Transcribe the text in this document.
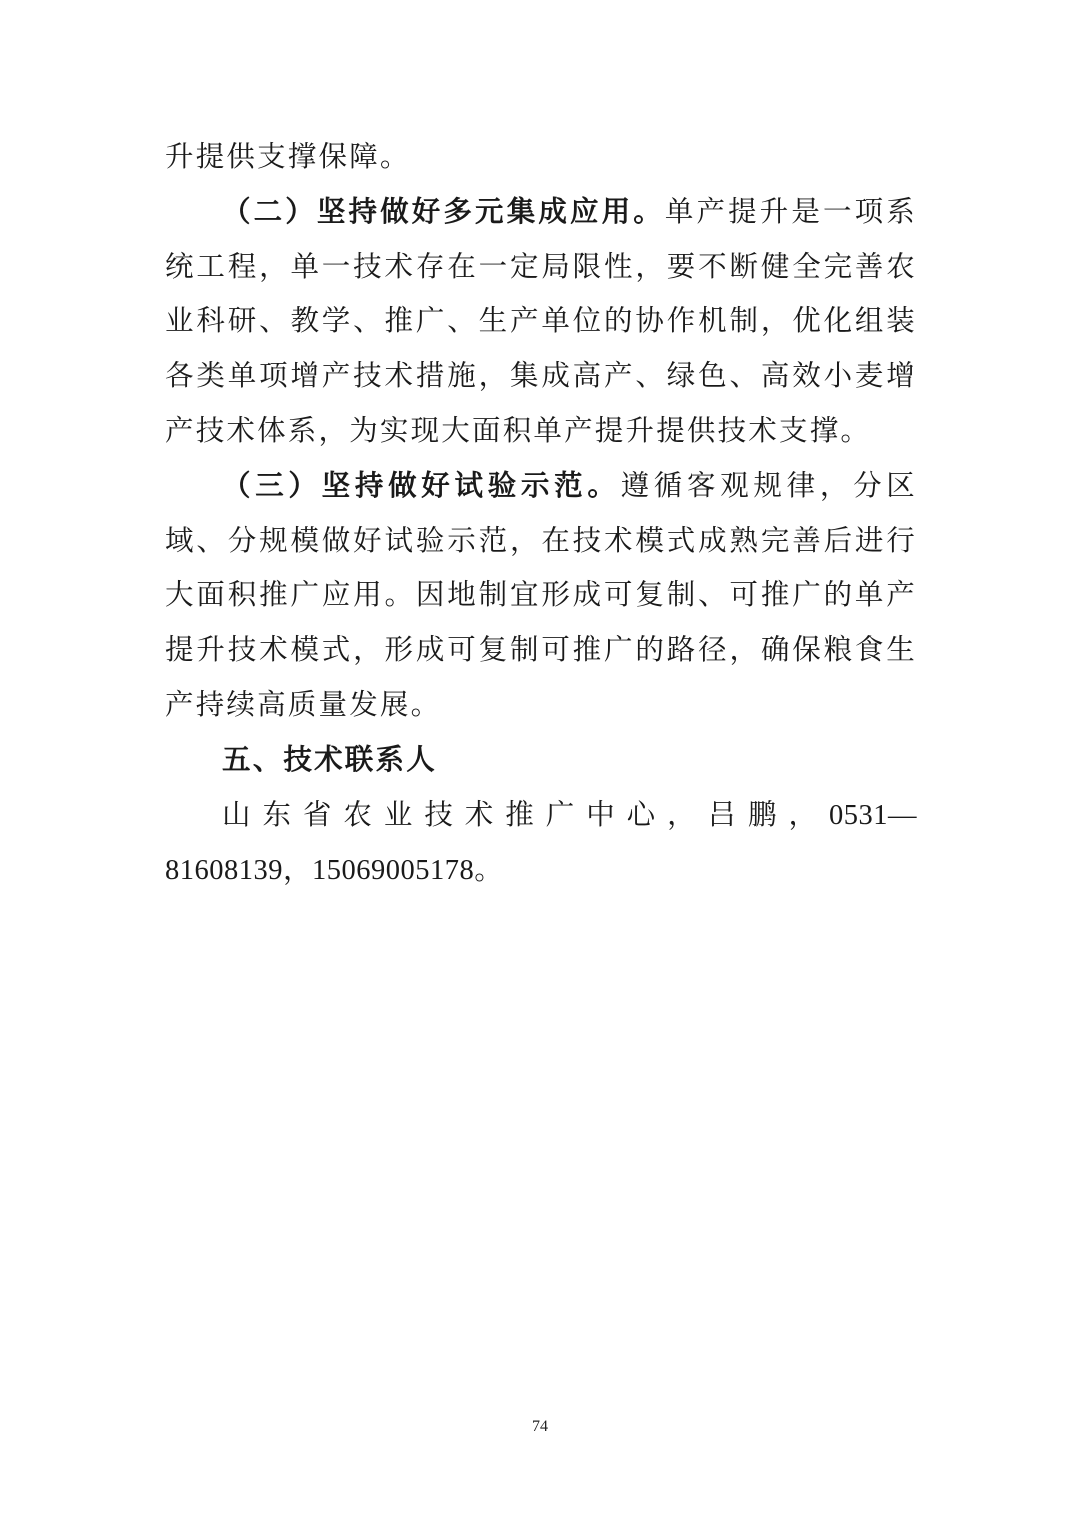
升提供支撑保障。

（二）坚持做好多元集成应用。单产提升是一项系统工程，单一技术存在一定局限性，要不断健全完善农业科研、教学、推广、生产单位的协作机制，优化组装各类单项增产技术措施，集成高产、绿色、高效小麦增产技术体系，为实现大面积单产提升提供技术支撑。

（三）坚持做好试验示范。遵循客观规律，分区域、分规模做好试验示范，在技术模式成熟完善后进行大面积推广应用。因地制宜形成可复制、可推广的单产提升技术模式，形成可复制可推广的路径，确保粮食生产持续高质量发展。

五、技术联系人

山东省农业技术推广中心，吕鹏，0531—81608139，15069005178。

74
